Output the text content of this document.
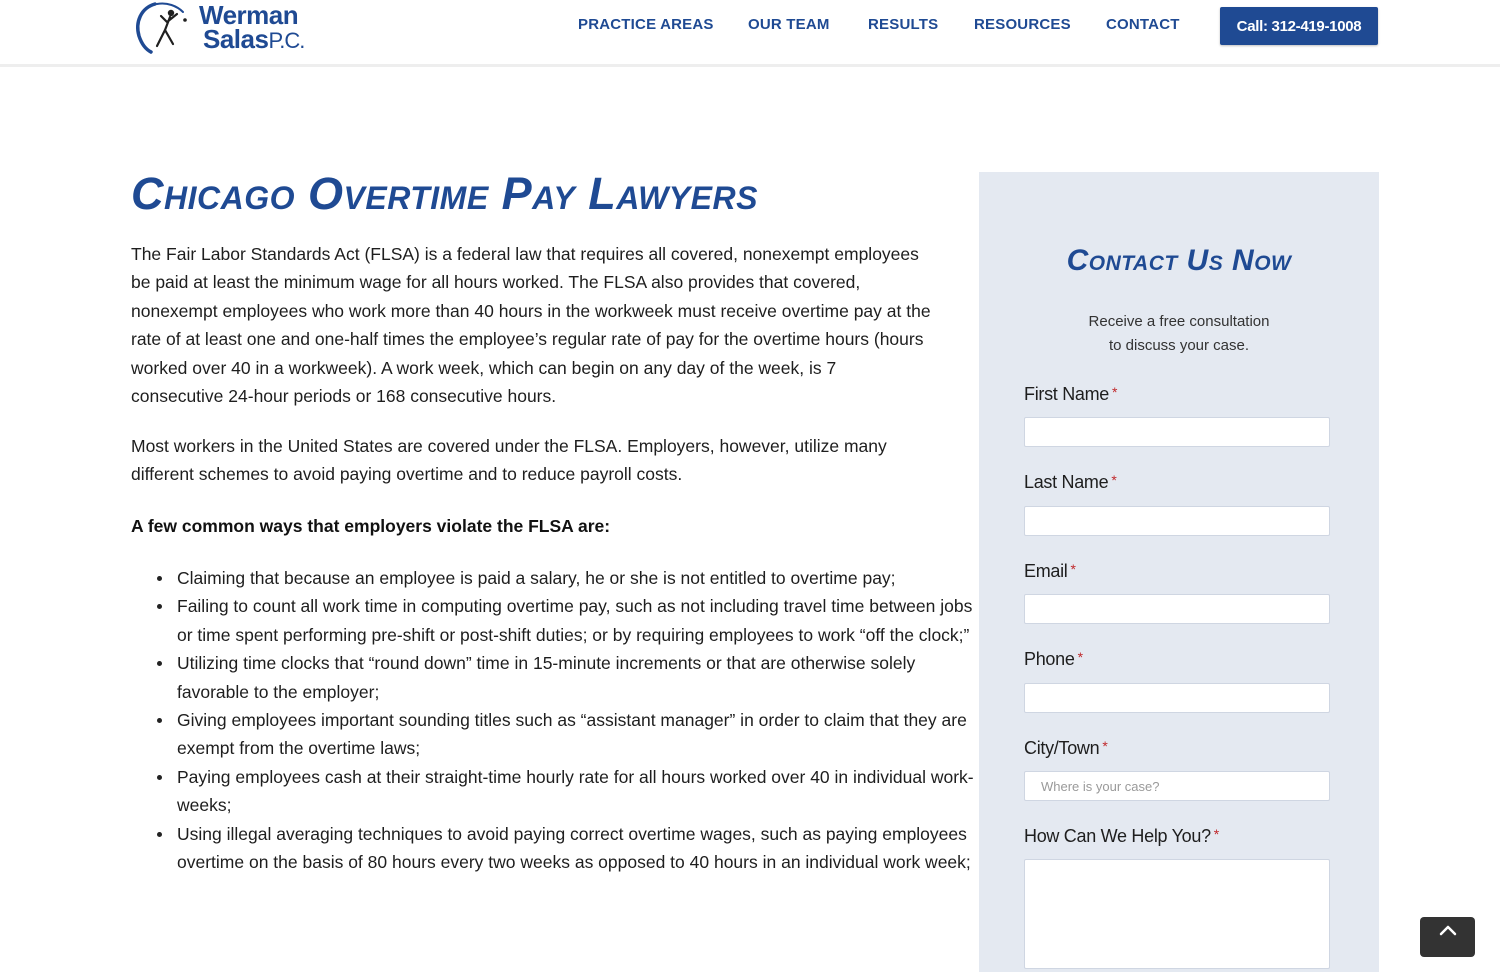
Werman
SalasP.C.
PRACTICE AREAS OUR TEAM	RESULTS RESOURCES CONTACT	Call: 312-419-1008
Chicago Overtime Pay Lawyers

The Fair Labor Standards Act (FLSA) is a federal law that requires all covered, nonexempt employees be paid at least the minimum wage for all hours worked. The FLSA also provides that covered, nonexempt employees who work more than 40 hours in the workweek must receive overtime pay at the rate of at least one and one-half times the employee’s regular rate of pay for the overtime hours (hours worked over 40 in a workweek). A work week, which can begin on any day of the week, is 7 consecutive 24-hour periods or 168 consecutive hours.

Most workers in the United States are covered under the FLSA. Employers, however, utilize many different schemes to avoid paying overtime and to reduce payroll costs.

A few common ways that employers violate the FLSA are:

Claiming that because an employee is paid a salary, he or she is not entitled to overtime pay;
Failing to count all work time in computing overtime pay, such as not including travel time between jobs or time spent performing pre-shift or post-shift duties; or by requiring employees to work “off the clock;”
Utilizing time clocks that “round down” time in 15-minute increments or that are otherwise solely favorable to the employer;
Giving employees important sounding titles such as “assistant manager” in order to claim that they are exempt from the overtime laws;
Paying employees cash at their straight-time hourly rate for all hours worked over 40 in individual work-weeks;
Using illegal averaging techniques to avoid paying correct overtime wages, such as paying employees overtime on the basis of 80 hours every two weeks as opposed to 40 hours in an individual work week;
Contact Us Now
Receive a free consultation
to discuss your case.
First Name *
Last Name *
Email *
Phone *
City/Town *
Where is your case?
How Can We Help You? *
